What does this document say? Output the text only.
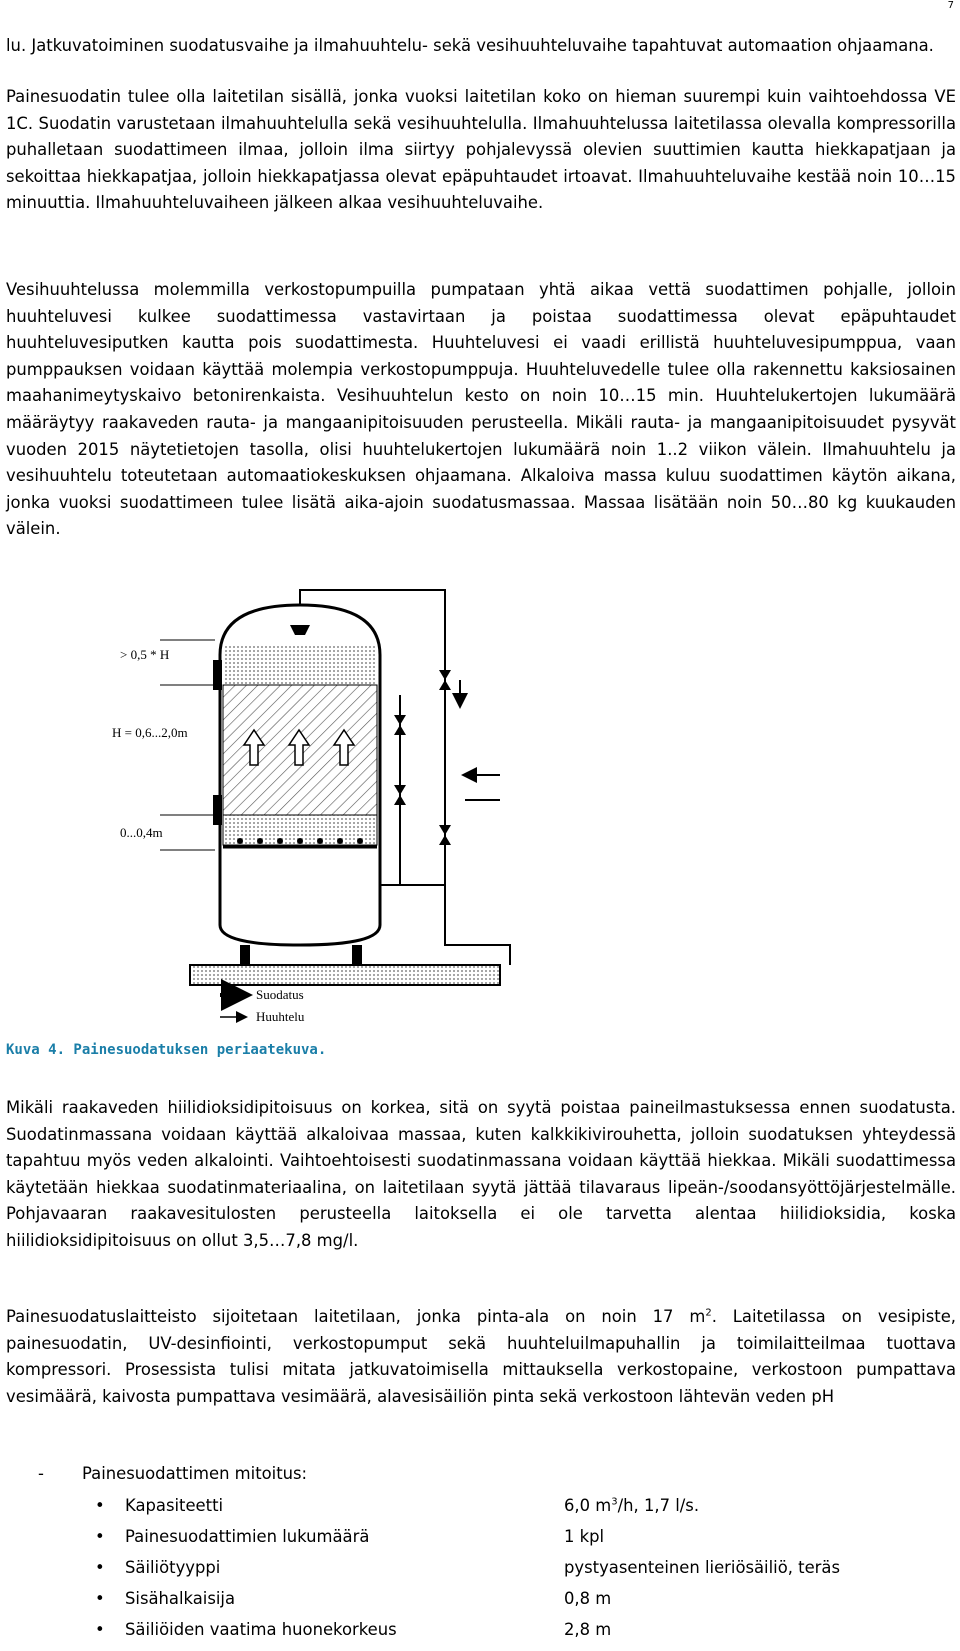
7

lu. Jatkuvatoiminen suodatusvaihe ja ilmahuuhtelu- sekä vesihuuhteluvaihe tapahtuvat automaation ohjaamana.

Painesuodatin tulee olla laitetilan sisällä, jonka vuoksi laitetilan koko on hieman suurempi kuin vaihtoehdossa VE 1C. Suodatin varustetaan ilmahuuhtelulla sekä vesihuuhtelulla. Ilmahuuhtelussa laitetilassa olevalla kompressorilla puhalletaan suodattimeen ilmaa, jolloin ilma siirtyy pohjalevyssä olevien suuttimien kautta hiekkapatjaan ja sekoittaa hiekkapatjaa, jolloin hiekkapatjassa olevat epäpuhtaudet irtoavat. Ilmahuuhteluvaihe kestää noin 10…15 minuuttia. Ilmahuuhteluvaiheen jälkeen alkaa vesihuuhteluvaihe.

Vesihuuhtelussa molemmilla verkostopumpuilla pumpataan yhtä aikaa vettä suodattimen pohjalle, jolloin huuhteluvesi kulkee suodattimessa vastavirtaan ja poistaa suodattimessa olevat epäpuhtaudet huuhteluvesiputken kautta pois suodattimesta. Huuhteluvesi ei vaadi erillistä huuhteluvesipumppua, vaan pumppauksen voidaan käyttää molempia verkostopumppuja. Huuhteluvedelle tulee olla rakennettu kaksiosainen maahanimeytyskaivo betonirenkaista. Vesihuuhtelun kesto on noin 10…15 min. Huuhtelukertojen lukumäärä määräytyy raakaveden rauta- ja mangaanipitoisuuden perusteella. Mikäli rauta- ja mangaanipitoisuudet pysyvät vuoden 2015 näytetietojen tasolla, olisi huuhtelukertojen lukumäärä noin 1..2 viikon välein. Ilmahuuhtelu ja vesihuuhtelu toteutetaan automaatiokeskuksen ohjaamana. Alkaloiva massa kuluu suodattimen käytön aikana, jonka vuoksi suodattimeen tulee lisätä aika-ajoin suodatusmassaa. Massaa lisätään noin 50…80 kg kuukauden välein.

> 0,5 * H
H = 0,6...2,0m
0...0,4m
Suodatus
Huuhtelu

Kuva 4. Painesuodatuksen periaatekuva.

Mikäli raakaveden hiilidioksidipitoisuus on korkea, sitä on syytä poistaa paineilmastuksessa ennen suodatusta. Suodatinmassana voidaan käyttää alkaloivaa massaa, kuten kalkkikivirouhetta, jolloin suodatuksen yhteydessä tapahtuu myös veden alkalointi. Vaihtoehtoisesti suodatinmassana voidaan käyttää hiekkaa. Mikäli suodattimessa käytetään hiekkaa suodatinmateriaalina, on laitetilaan syytä jättää tilavaraus lipeän-/soodansyöttöjärjestelmälle. Pohjavaaran raakavesitulosten perusteella laitoksella ei ole tarvetta alentaa hiilidioksidia, koska hiilidioksidipitoisuus on ollut 3,5…7,8 mg/l.

Painesuodatuslaitteisto sijoitetaan laitetilaan, jonka pinta-ala on noin 17 $m^2$. Laitetilassa on vesipiste, painesuodatin, UV-desinfiointi, verkostopumput sekä huuhteluilmapuhallin ja toimilaitteilmaa tuottava kompressori. Prosessista tulisi mitata jatkuvatoimisella mittauksella verkostopaine, verkostoon pumpattava vesimäärä, kaivosta pumpattava vesimäärä, alavesisäiliön pinta sekä verkostoon lähtevän veden pH

- Painesuodattimen mitoitus:
• Kapasiteetti	6,0 $m^3/h$, 1,7 l/s.
• Painesuodattimien lukumäärä	1 kpl
• Säiliötyyppi	pystyasenteinen lieriösäiliö, teräs
• Sisähalkaisija	0,8 m
• Säiliöiden vaatima huonekorkeus	2,8 m
